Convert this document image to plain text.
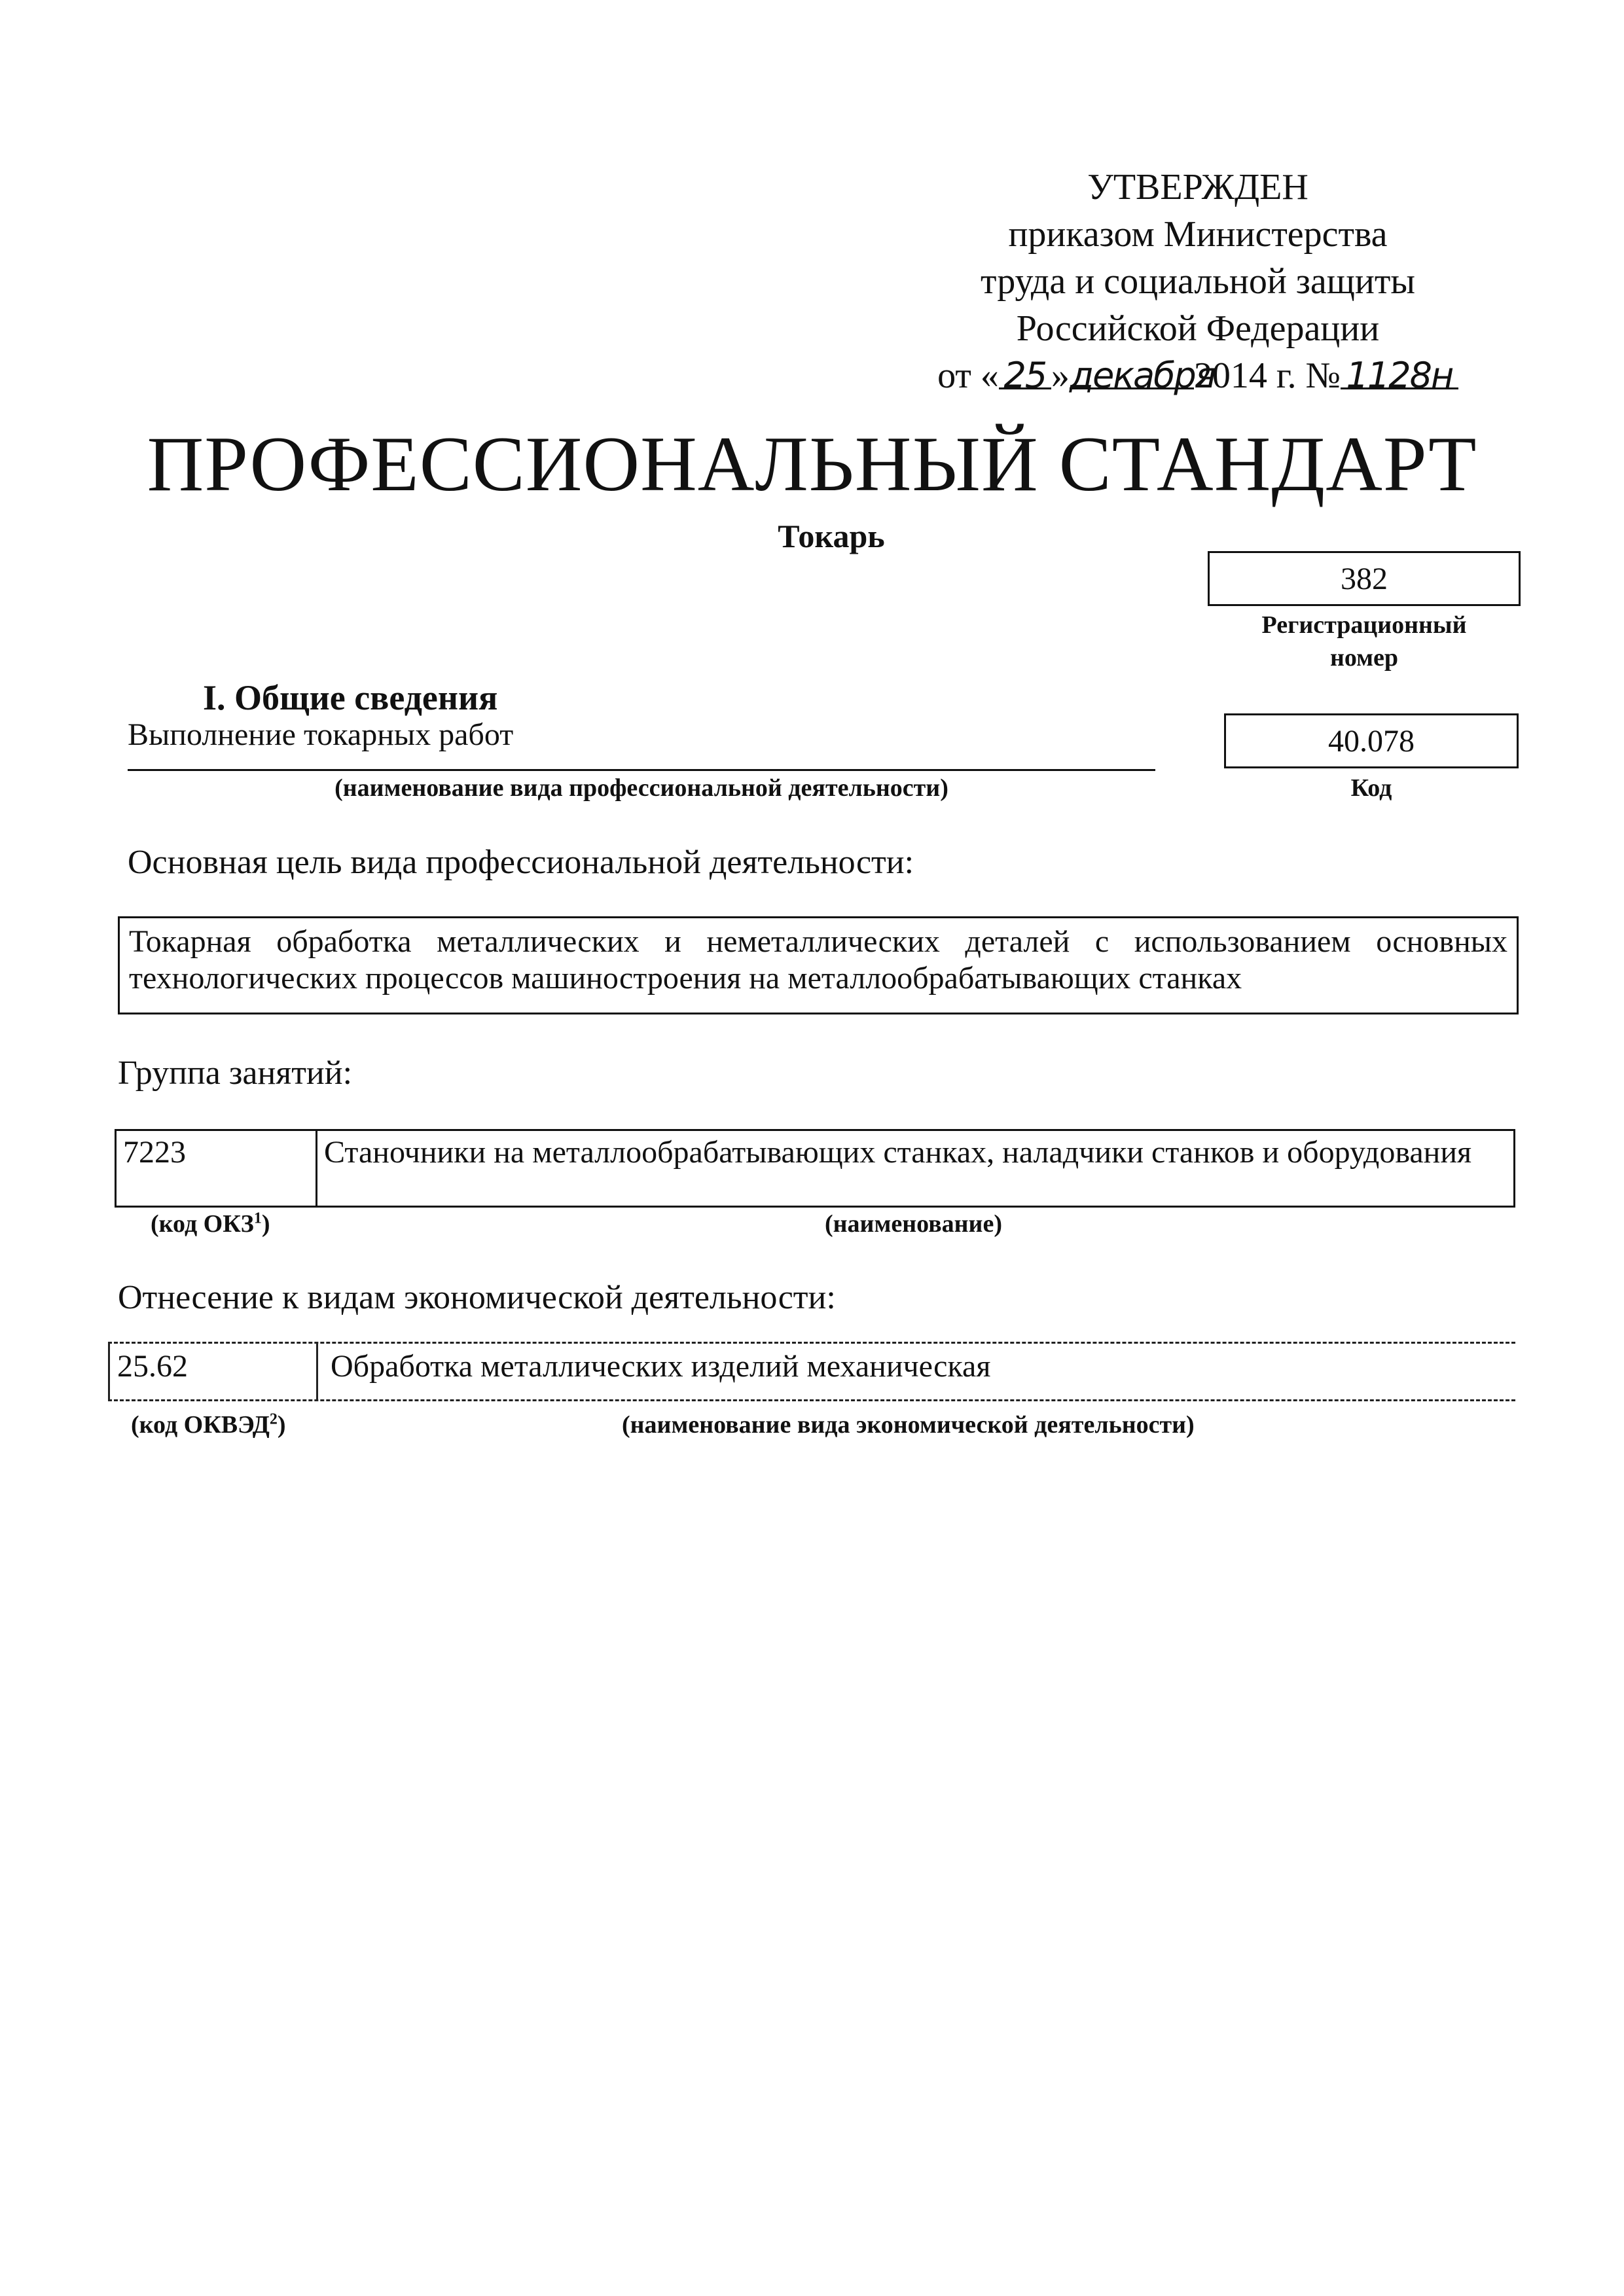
УТВЕРЖДЕН
приказом Министерства
труда и социальной защиты
Российской Федерации
от « 25 »декабря2014 г. № 1128н
ПРОФЕССИОНАЛЬНЫЙ СТАНДАРТ
Токарь
382
Регистрационный
номер
I. Общие сведения
Выполнение токарных работ
(наименование вида профессиональной деятельности)
40.078
Код
Основная цель вида профессиональной деятельности:
Токарная обработка металлических и неметаллических деталей с использованием основных технологических процессов машиностроения на металлообрабатывающих станках
Группа занятий:
7223	Станочники на металлообрабатывающих станках, наладчики станков и оборудования
(код ОКЗ$^1$)	(наименование)
Отнесение к видам экономической деятельности:
25.62	Обработка металлических изделий механическая
(код ОКВЭД$^2$)	(наименование вида экономической деятельности)
